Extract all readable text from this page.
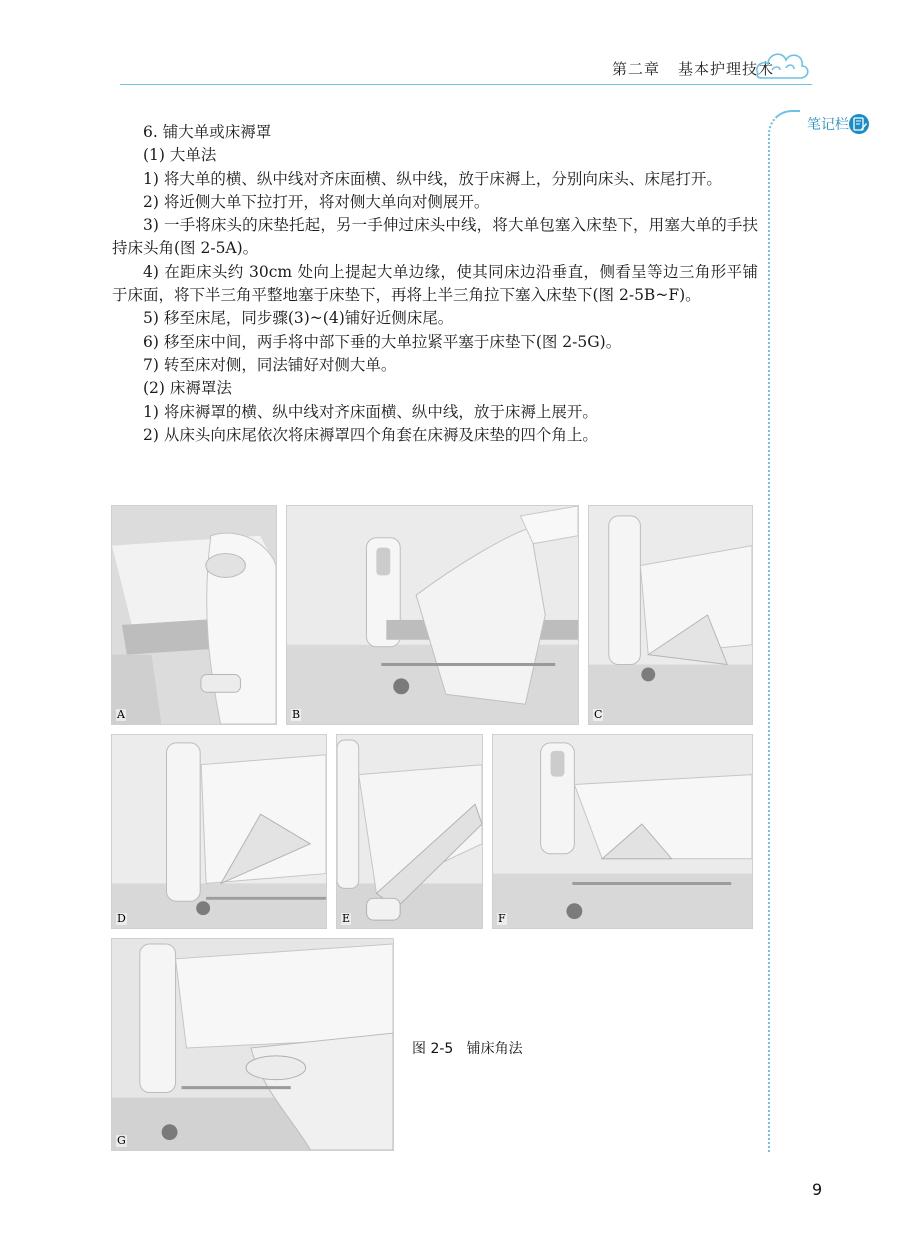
第二章 基本护理技术
笔记栏

6. 铺大单或床褥罩

(1) 大单法

1) 将大单的横、纵中线对齐床面横、纵中线，放于床褥上，分别向床头、床尾打开。

2) 将近侧大单下拉打开，将对侧大单向对侧展开。

3) 一手将床头的床垫托起，另一手伸过床头中线，将大单包塞入床垫下，用塞大单的手扶持床头角(图 2-5A)。

4) 在距床头约 30cm 处向上提起大单边缘，使其同床边沿垂直，侧看呈等边三角形平铺于床面，将下半三角平整地塞于床垫下，再将上半三角拉下塞入床垫下(图 2-5B~F)。

5) 移至床尾，同步骤(3)~(4)铺好近侧床尾。

6) 移至床中间，两手将中部下垂的大单拉紧平塞于床垫下(图 2-5G)。

7) 转至床对侧，同法铺好对侧大单。

(2) 床褥罩法

1) 将床褥罩的横、纵中线对齐床面横、纵中线，放于床褥上展开。

2) 从床头向床尾依次将床褥罩四个角套在床褥及床垫的四个角上。

A	B	C
D	E	F
G
图 2-5   铺床角法
9
